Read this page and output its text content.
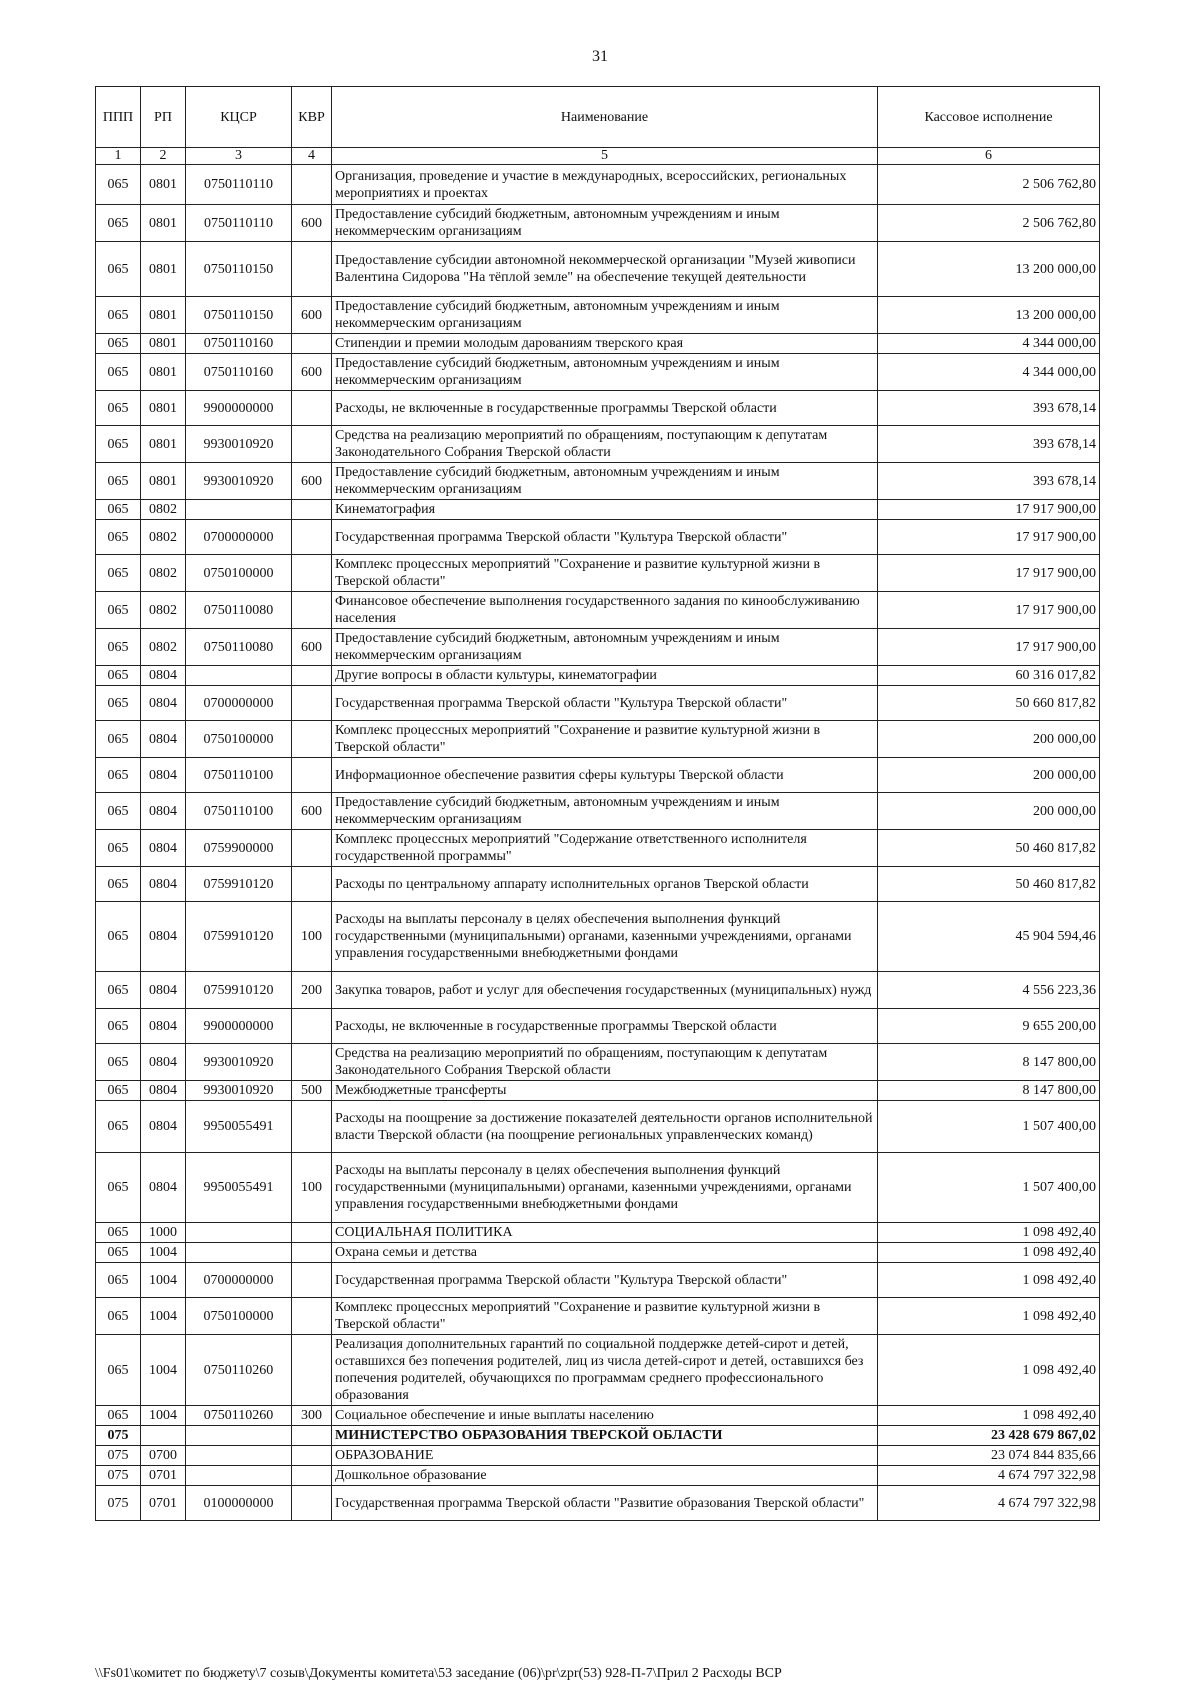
31
ППП	РП	КЦСР	КВР	Наименование	Кассовое исполнение
1	2	3	4	5	6
065	0801	0750110110		Организация, проведение и участие в международных, всероссийских, региональных мероприятиях и проектах	2 506 762,80
065	0801	0750110110	600	Предоставление субсидий бюджетным, автономным учреждениям и иным некоммерческим организациям	2 506 762,80
065	0801	0750110150		Предоставление субсидии автономной некоммерческой организации "Музей живописи Валентина Сидорова "На тёплой земле" на обеспечение текущей деятельности	13 200 000,00
065	0801	0750110150	600	Предоставление субсидий бюджетным, автономным учреждениям и иным некоммерческим организациям	13 200 000,00
065	0801	0750110160		Стипендии и премии молодым дарованиям тверского края	4 344 000,00
065	0801	0750110160	600	Предоставление субсидий бюджетным, автономным учреждениям и иным некоммерческим организациям	4 344 000,00
065	0801	9900000000		Расходы, не включенные в государственные программы Тверской области	393 678,14
065	0801	9930010920		Средства на реализацию мероприятий по обращениям, поступающим к депутатам Законодательного Собрания Тверской области	393 678,14
065	0801	9930010920	600	Предоставление субсидий бюджетным, автономным учреждениям и иным некоммерческим организациям	393 678,14
065	0802			Кинематография	17 917 900,00
065	0802	0700000000		Государственная программа Тверской области "Культура Тверской области"	17 917 900,00
065	0802	0750100000		Комплекс процессных мероприятий "Сохранение и развитие культурной жизни в Тверской области"	17 917 900,00
065	0802	0750110080		Финансовое обеспечение выполнения государственного задания по кинообслуживанию населения	17 917 900,00
065	0802	0750110080	600	Предоставление субсидий бюджетным, автономным учреждениям и иным некоммерческим организациям	17 917 900,00
065	0804			Другие вопросы в области культуры, кинематографии	60 316 017,82
065	0804	0700000000		Государственная программа Тверской области "Культура Тверской области"	50 660 817,82
065	0804	0750100000		Комплекс процессных мероприятий "Сохранение и развитие культурной жизни в Тверской области"	200 000,00
065	0804	0750110100		Информационное обеспечение развития сферы культуры Тверской области	200 000,00
065	0804	0750110100	600	Предоставление субсидий бюджетным, автономным учреждениям и иным некоммерческим организациям	200 000,00
065	0804	0759900000		Комплекс процессных мероприятий "Содержание ответственного исполнителя государственной программы"	50 460 817,82
065	0804	0759910120		Расходы по центральному аппарату исполнительных органов Тверской области	50 460 817,82
065	0804	0759910120	100	Расходы на выплаты персоналу в целях обеспечения выполнения функций государственными (муниципальными) органами, казенными учреждениями, органами управления государственными внебюджетными фондами	45 904 594,46
065	0804	0759910120	200	Закупка товаров, работ и услуг для обеспечения государственных (муниципальных) нужд	4 556 223,36
065	0804	9900000000		Расходы, не включенные в государственные программы Тверской области	9 655 200,00
065	0804	9930010920		Средства на реализацию мероприятий по обращениям, поступающим к депутатам Законодательного Собрания Тверской области	8 147 800,00
065	0804	9930010920	500	Межбюджетные трансферты	8 147 800,00
065	0804	9950055491		Расходы на поощрение за достижение показателей деятельности органов исполнительной власти Тверской области (на поощрение региональных управленческих команд)	1 507 400,00
065	0804	9950055491	100	Расходы на выплаты персоналу в целях обеспечения выполнения функций государственными (муниципальными) органами, казенными учреждениями, органами управления государственными внебюджетными фондами	1 507 400,00
065	1000			СОЦИАЛЬНАЯ ПОЛИТИКА	1 098 492,40
065	1004			Охрана семьи и детства	1 098 492,40
065	1004	0700000000		Государственная программа Тверской области "Культура Тверской области"	1 098 492,40
065	1004	0750100000		Комплекс процессных мероприятий "Сохранение и развитие культурной жизни в Тверской области"	1 098 492,40
065	1004	0750110260		Реализация дополнительных гарантий по социальной поддержке детей-сирот и детей, оставшихся без попечения родителей, лиц из числа детей-сирот и детей, оставшихся без попечения родителей, обучающихся по программам среднего профессионального образования	1 098 492,40
065	1004	0750110260	300	Социальное обеспечение и иные выплаты населению	1 098 492,40
075				МИНИСТЕРСТВО ОБРАЗОВАНИЯ ТВЕРСКОЙ ОБЛАСТИ	23 428 679 867,02
075	0700			ОБРАЗОВАНИЕ	23 074 844 835,66
075	0701			Дошкольное образование	4 674 797 322,98
075	0701	0100000000		Государственная программа Тверской области "Развитие образования Тверской области"	4 674 797 322,98
\\Fs01\комитет по бюджету\7 созыв\Документы комитета\53 заседание (06)\pr\zpr(53) 928-П-7\Прил 2 Расходы ВСР
